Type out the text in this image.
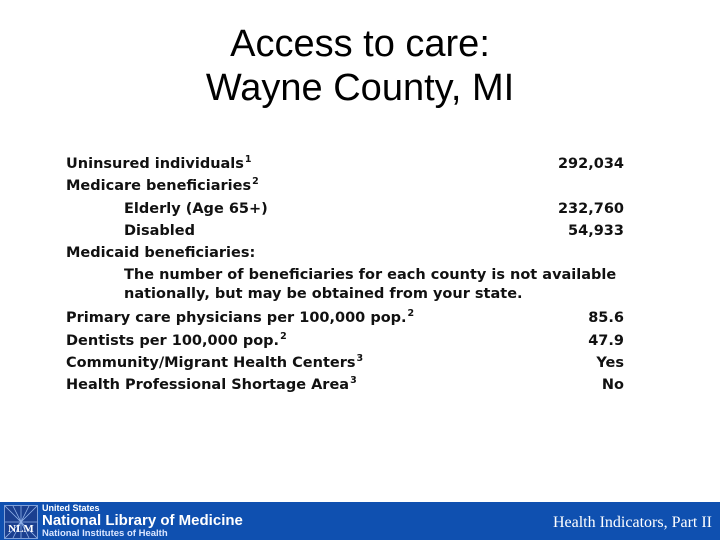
Access to care:
Wayne County, MI
Uninsured individuals$^1$	292,034
Medicare beneficiaries$^2$
Elderly (Age 65+)	232,760
Disabled	54,933
Medicaid beneficiaries:
The number of beneficiaries for each county is not available
nationally, but may be obtained from your state.
Primary care physicians per 100,000 pop.$^2$	85.6
Dentists per 100,000 pop.$^2$	47.9
Community/Migrant Health Centers$^3$	Yes
Health Professional Shortage Area$^3$	No
NLM
United States
National Library of Medicine
National Institutes of Health
Health Indicators, Part II
